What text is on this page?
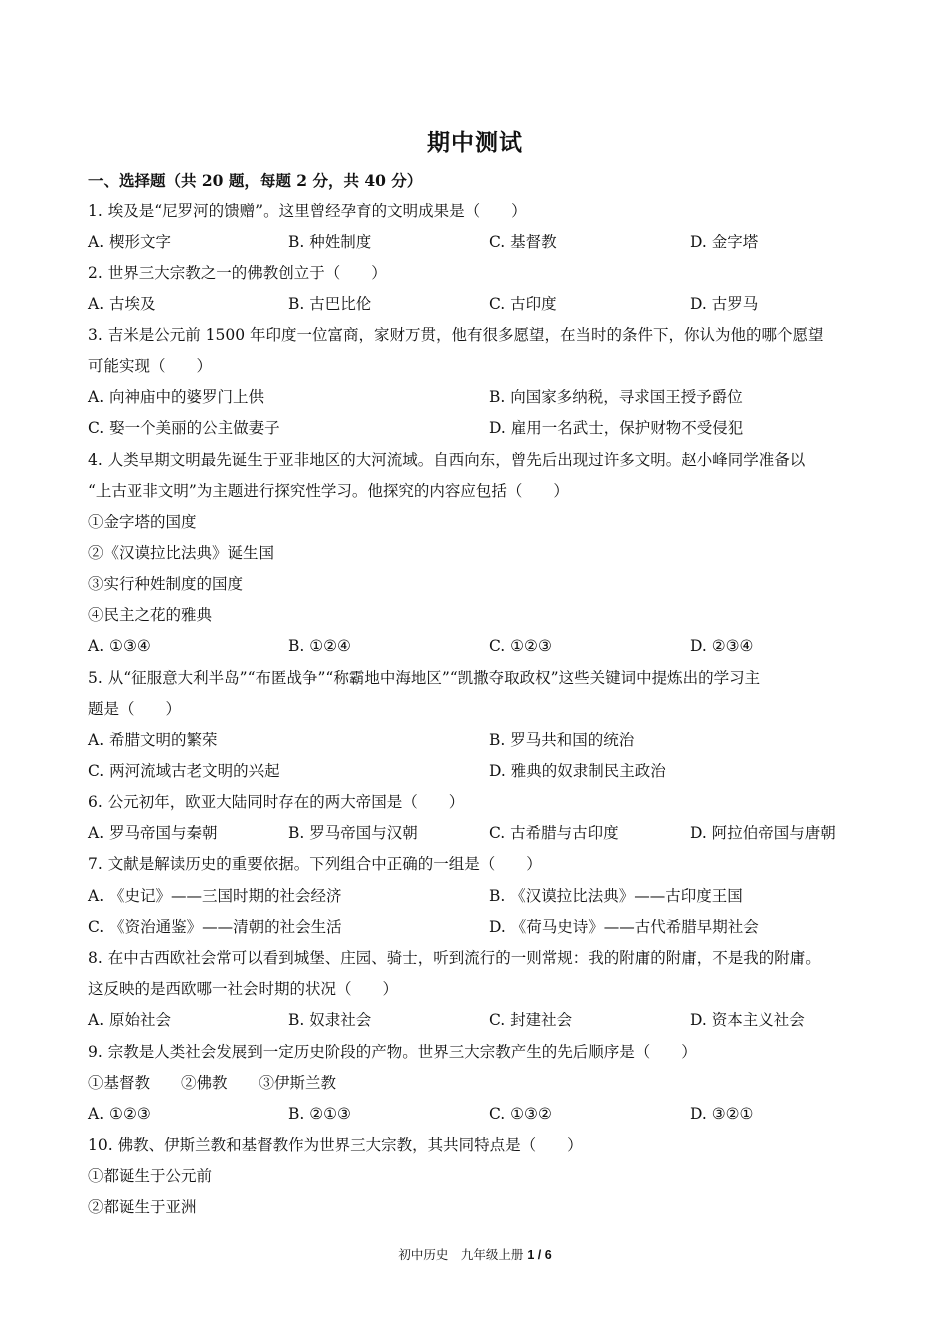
期中测试
一、选择题（共 20 题，每题 2 分，共 40 分）
1. 埃及是“尼罗河的馈赠”。这里曾经孕育的文明成果是（　　）
A. 楔形文字	B. 种姓制度	C. 基督教	D. 金字塔
2. 世界三大宗教之一的佛教创立于（　　）
A. 古埃及	B. 古巴比伦	C. 古印度	D. 古罗马
3. 吉米是公元前 1500 年印度一位富商，家财万贯，他有很多愿望，在当时的条件下，你认为他的哪个愿望
可能实现（　　）
A. 向神庙中的婆罗门上供	B. 向国家多纳税，寻求国王授予爵位
C. 娶一个美丽的公主做妻子	D. 雇用一名武士，保护财物不受侵犯
4. 人类早期文明最先诞生于亚非地区的大河流域。自西向东，曾先后出现过许多文明。赵小峰同学准备以
“上古亚非文明”为主题进行探究性学习。他探究的内容应包括（　　）
①金字塔的国度
②《汉谟拉比法典》诞生国
③实行种姓制度的国度
④民主之花的雅典
A. ①③④	B. ①②④	C. ①②③	D. ②③④
5. 从“征服意大利半岛”“布匿战争”“称霸地中海地区”“凯撒夺取政权”这些关键词中提炼出的学习主
题是（　　）
A. 希腊文明的繁荣	B. 罗马共和国的统治
C. 两河流域古老文明的兴起	D. 雅典的奴隶制民主政治
6. 公元初年，欧亚大陆同时存在的两大帝国是（　　）
A. 罗马帝国与秦朝	B. 罗马帝国与汉朝	C. 古希腊与古印度	D. 阿拉伯帝国与唐朝
7. 文献是解读历史的重要依据。下列组合中正确的一组是（　　）
A. 《史记》——三国时期的社会经济	B. 《汉谟拉比法典》——古印度王国
C. 《资治通鉴》——清朝的社会生活	D. 《荷马史诗》——古代希腊早期社会
8. 在中古西欧社会常可以看到城堡、庄园、骑士，听到流行的一则常规：我的附庸的附庸，不是我的附庸。
这反映的是西欧哪一社会时期的状况（　　）
A. 原始社会	B. 奴隶社会	C. 封建社会	D. 资本主义社会
9. 宗教是人类社会发展到一定历史阶段的产物。世界三大宗教产生的先后顺序是（　　）
①基督教　　②佛教　　③伊斯兰教
A. ①②③	B. ②①③	C. ①③②	D. ③②①
10. 佛教、伊斯兰教和基督教作为世界三大宗教，其共同特点是（　　）
①都诞生于公元前
②都诞生于亚洲
初中历史　九年级上册 1 / 6
